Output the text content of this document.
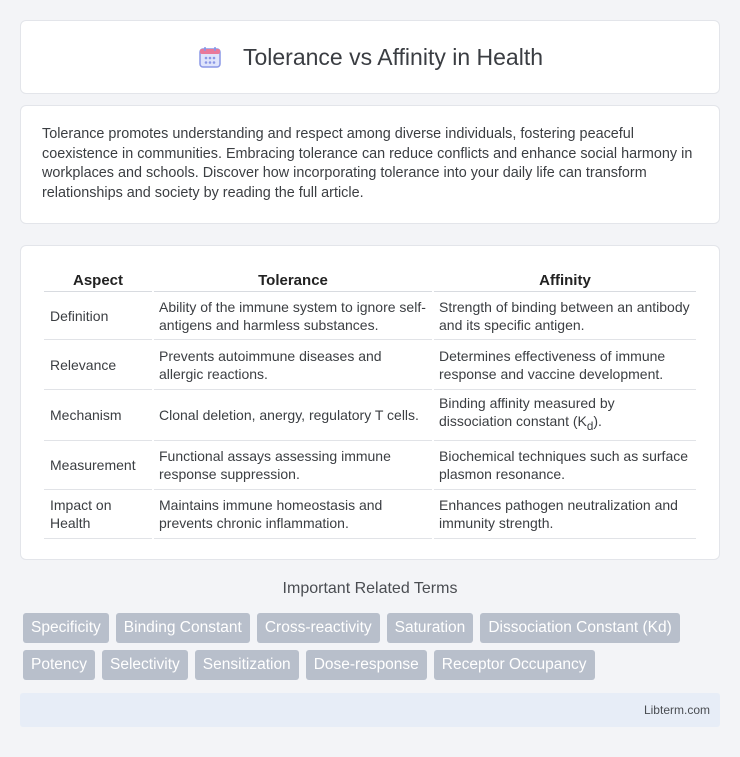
Tolerance vs Affinity in Health

Tolerance promotes understanding and respect among diverse individuals, fostering peaceful coexistence in communities. Embracing tolerance can reduce conflicts and enhance social harmony in workplaces and schools. Discover how incorporating tolerance into your daily life can transform relationships and society by reading the full article.

Aspect	Tolerance	Affinity
Definition	Ability of the immune system to ignore self-antigens and harmless substances.	Strength of binding between an antibody and its specific antigen.
Relevance	Prevents autoimmune diseases and allergic reactions.	Determines effectiveness of immune response and vaccine development.
Mechanism	Clonal deletion, anergy, regulatory T cells.	Binding affinity measured by dissociation constant $(K_d)$.
Measurement	Functional assays assessing immune response suppression.	Biochemical techniques such as surface plasmon resonance.
Impact on Health	Maintains immune homeostasis and prevents chronic inflammation.	Enhances pathogen neutralization and immunity strength.
Important Related Terms
Specificity	Binding Constant	Cross-reactivity	Saturation	Dissociation Constant (Kd)
Potency	Selectivity	Sensitization	Dose-response	Receptor Occupancy
Libterm.com
